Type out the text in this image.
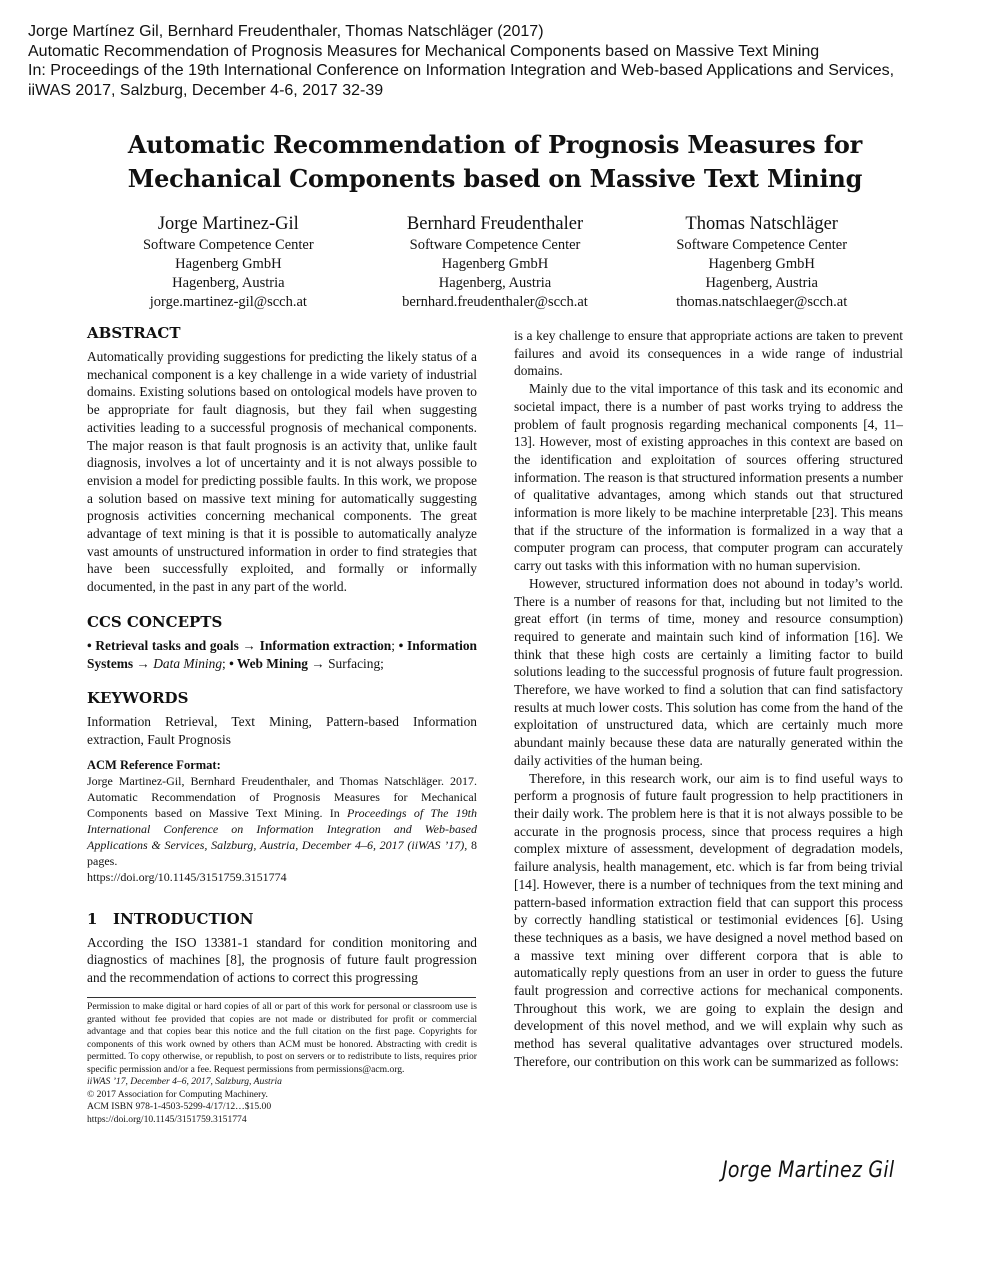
Jorge Martínez Gil, Bernhard Freudenthaler, Thomas Natschläger (2017)
Automatic Recommendation of Prognosis Measures for Mechanical Components based on Massive Text Mining
In: Proceedings of the 19th International Conference on Information Integration and Web-based Applications and Services,
iiWAS 2017, Salzburg, December 4-6, 2017 32-39
Automatic Recommendation of Prognosis Measures for
Mechanical Components based on Massive Text Mining
Jorge Martinez-Gil
Software Competence Center
Hagenberg GmbH
Hagenberg, Austria
jorge.martinez-gil@scch.at
Bernhard Freudenthaler
Software Competence Center
Hagenberg GmbH
Hagenberg, Austria
bernhard.freudenthaler@scch.at
Thomas Natschläger
Software Competence Center
Hagenberg GmbH
Hagenberg, Austria
thomas.natschlaeger@scch.at
ABSTRACT

Automatically providing suggestions for predicting the likely status of a mechanical component is a key challenge in a wide variety of industrial domains. Existing solutions based on ontological models have proven to be appropriate for fault diagnosis, but they fail when suggesting activities leading to a successful prognosis of mechanical components. The major reason is that fault prognosis is an activity that, unlike fault diagnosis, involves a lot of uncertainty and it is not always possible to envision a model for predicting possible faults. In this work, we propose a solution based on massive text mining for automatically suggesting prognosis activities concerning mechanical components. The great advantage of text mining is that it is possible to automatically analyze vast amounts of unstructured information in order to find strategies that have been successfully exploited, and formally or informally documented, in the past in any part of the world.

CCS CONCEPTS

• Retrieval tasks and goals → Information extraction; • Information Systems → Data Mining; • Web Mining → Surfacing;

KEYWORDS

Information Retrieval, Text Mining, Pattern-based Information extraction, Fault Prognosis

ACM Reference Format:

Jorge Martinez-Gil, Bernhard Freudenthaler, and Thomas Natschläger. 2017. Automatic Recommendation of Prognosis Measures for Mechanical Components based on Massive Text Mining. In Proceedings of The 19th International Conference on Information Integration and Web-based Applications & Services, Salzburg, Austria, December 4–6, 2017 (iiWAS ’17), 8 pages.
https://doi.org/10.1145/3151759.3151774

1 INTRODUCTION

According the ISO 13381-1 standard for condition monitoring and diagnostics of machines [8], the prognosis of future fault progression and the recommendation of actions to correct this progressing

Permission to make digital or hard copies of all or part of this work for personal or classroom use is granted without fee provided that copies are not made or distributed for profit or commercial advantage and that copies bear this notice and the full citation on the first page. Copyrights for components of this work owned by others than ACM must be honored. Abstracting with credit is permitted. To copy otherwise, or republish, to post on servers or to redistribute to lists, requires prior specific permission and/or a fee. Request permissions from permissions@acm.org.

iiWAS ’17, December 4–6, 2017, Salzburg, Austria

© 2017 Association for Computing Machinery.

ACM ISBN 978-1-4503-5299-4/17/12…$15.00

https://doi.org/10.1145/3151759.3151774

is a key challenge to ensure that appropriate actions are taken to prevent failures and avoid its consequences in a wide range of industrial domains.

Mainly due to the vital importance of this task and its economic and societal impact, there is a number of past works trying to address the problem of fault prognosis regarding mechanical components [4, 11–13]. However, most of existing approaches in this context are based on the identification and exploitation of sources offering structured information. The reason is that structured information presents a number of qualitative advantages, among which stands out that structured information is more likely to be machine interpretable [23]. This means that if the structure of the information is formalized in a way that a computer program can process, that computer program can accurately carry out tasks with this information with no human supervision.

However, structured information does not abound in today’s world. There is a number of reasons for that, including but not limited to the great effort (in terms of time, money and resource consumption) required to generate and maintain such kind of information [16]. We think that these high costs are certainly a limiting factor to build solutions leading to the successful prognosis of future fault progression. Therefore, we have worked to find a solution that can find satisfactory results at much lower costs. This solution has come from the hand of the exploitation of unstructured data, which are certainly much more abundant mainly because these data are naturally generated within the daily activities of the human being.

Therefore, in this research work, our aim is to find useful ways to perform a prognosis of future fault progression to help practitioners in their daily work. The problem here is that it is not always possible to be accurate in the prognosis process, since that process requires a high complex mixture of assessment, development of degradation models, failure analysis, health management, etc. which is far from being trivial [14]. However, there is a number of techniques from the text mining and pattern-based information extraction field that can support this process by correctly handling statistical or testimonial evidences [6]. Using these techniques as a basis, we have designed a novel method based on a massive text mining over different corpora that is able to automatically reply questions from an user in order to guess the future fault progression and corrective actions for mechanical components. Throughout this work, we are going to explain the design and development of this novel method, and we will explain why such as method has several qualitative advantages over structured models. Therefore, our contribution on this work can be summarized as follows:

Jorge Martinez Gil
